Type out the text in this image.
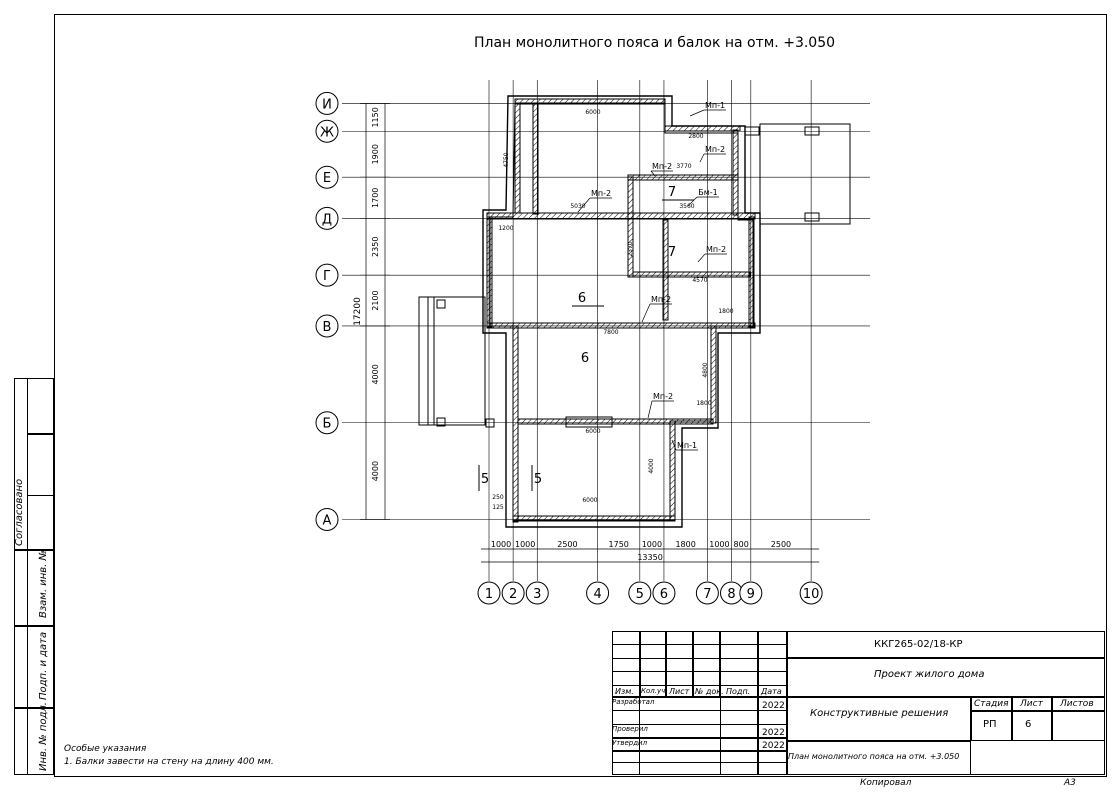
План монолитного пояса и балок на отм. +3.050
И
Ж
Е
Д
Г
В
Б
А
1 2 3	4	5 6	7 8 9	10
1150
1900
1700
2350
2100
4000
4000
17200
1000 1000	2500	1750 1000 1800 1000 800	2500
13350
Мп-1
Мп-2
Мп-2
Мп-2
Бм-1
Мп-2
Мп-2
Мп-2
Мп-1
6
6
7
7
5	5
6000
2800
3770
5030	3560
4570
7800
6000
6000
1800
4800
4000
4750
2370
1800
1200
250
125
Особые указания
1. Балки завести на стену на длину 400 мм.
Согласовано
Взам. инв. №
Подп. и дата
Инв. № подл.
Изм. Кол.уч Лист № док. Подп. Дата
Разработал	2022
Проверил	2022
Утвердил	2022
ККГ265-02/18-КР
Проект жилого дома
Конструктивные решения
План монолитного пояса на отм. +3.050
Стадия Лист Листов
РП	6
Копировал	А3
